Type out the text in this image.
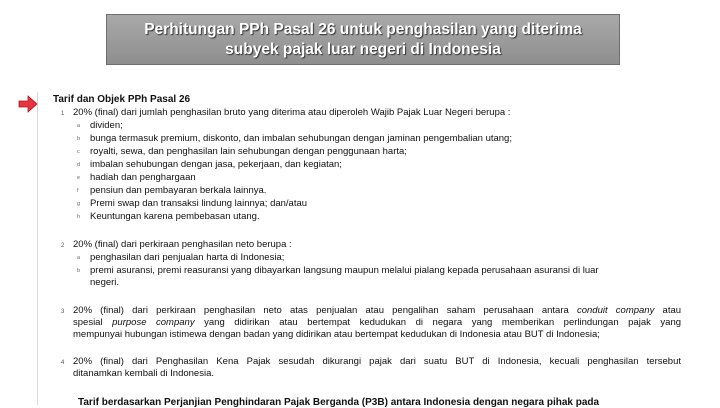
Perhitungan PPh Pasal 26 untuk penghasilan yang diterima
subyek pajak luar negeri di Indonesia
Tarif dan Objek PPh Pasal 26
1 20% (final) dari jumlah penghasilan bruto yang diterima atau diperoleh Wajib Pajak Luar Negeri berupa :
a dividen;
b bunga termasuk premium, diskonto, dan imbalan sehubungan dengan jaminan pengembalian utang;
c royalti, sewa, dan penghasilan lain sehubungan dengan penggunaan harta;
d imbalan sehubungan dengan jasa, pekerjaan, dan kegiatan;
e hadiah dan penghargaan
f pensiun dan pembayaran berkala lainnya.
g Premi swap dan transaksi lindung lainnya; dan/atau
h Keuntungan karena pembebasan utang.
2 20% (final) dari perkiraan penghasilan neto berupa :
a penghasilan dari penjualan harta di Indonesia;
b premi asuransi, premi reasuransi yang dibayarkan langsung maupun melalui pialang kepada perusahaan asuransi di luar
negeri.
3 20% (final) dari perkiraan penghasilan neto atas penjualan atau pengalihan saham perusahaan antara conduit company atau
spesial purpose company yang didirikan atau bertempat kedudukan di negara yang memberikan perlindungan pajak yang
mempunyai hubungan istimewa dengan badan yang didirikan atau bertempat kedudukan di Indonesia atau BUT di Indonesia;
4 20% (final) dari Penghasilan Kena Pajak sesudah dikurangi pajak dari suatu BUT di Indonesia, kecuali penghasilan tersebut
ditanamkan kembali di Indonesia.
Tarif berdasarkan Perjanjian Penghindaran Pajak Berganda (P3B) antara Indonesia dengan negara pihak pada
